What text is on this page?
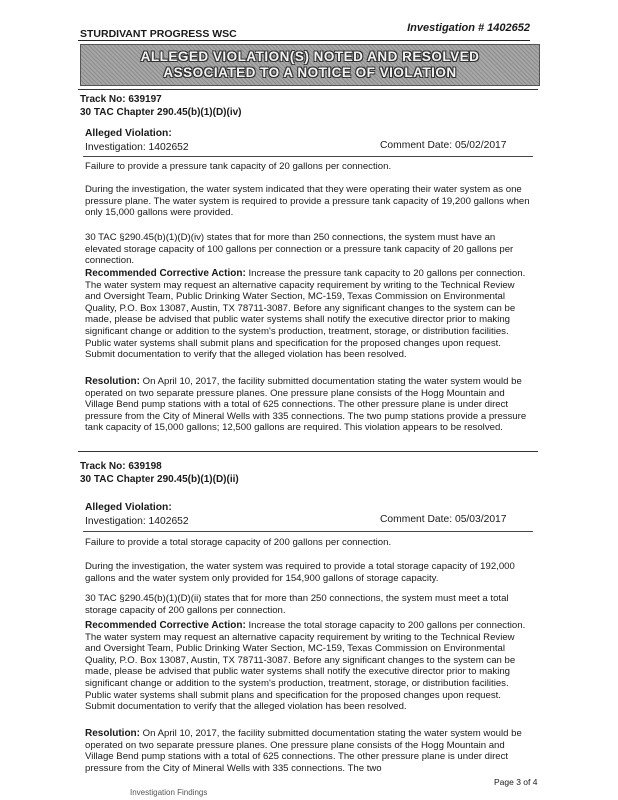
STURDIVANT PROGRESS WSC	Investigation # 1402652
ALLEGED VIOLATION(S) NOTED AND RESOLVED
ASSOCIATED TO A NOTICE OF VIOLATION
Track No: 639197
30 TAC Chapter 290.45(b)(1)(D)(iv)
Alleged Violation:
Investigation: 1402652	Comment Date: 05/02/2017
Failure to provide a pressure tank capacity of 20 gallons per connection.
During the investigation, the water system indicated that they were operating their water system as one pressure plane. The water system is required to provide a pressure tank capacity of 19,200 gallons when only 15,000 gallons were provided.
30 TAC §290.45(b)(1)(D)(iv) states that for more than 250 connections, the system must have an elevated storage capacity of 100 gallons per connection or a pressure tank capacity of 20 gallons per connection.
Recommended Corrective Action: Increase the pressure tank capacity to 20 gallons per connection. The water system may request an alternative capacity requirement by writing to the Technical Review and Oversight Team, Public Drinking Water Section, MC-159, Texas Commission on Environmental Quality, P.O. Box 13087, Austin, TX 78711-3087. Before any significant changes to the system can be made, please be advised that public water systems shall notify the executive director prior to making significant change or addition to the system's production, treatment, storage, or distribution facilities. Public water systems shall submit plans and specification for the proposed changes upon request. Submit documentation to verify that the alleged violation has been resolved.
Resolution: On April 10, 2017, the facility submitted documentation stating the water system would be operated on two separate pressure planes. One pressure plane consists of the Hogg Mountain and Village Bend pump stations with a total of 625 connections. The other pressure plane is under direct pressure from the City of Mineral Wells with 335 connections. The two pump stations provide a pressure tank capacity of 15,000 gallons; 12,500 gallons are required. This violation appears to be resolved.
Track No: 639198
30 TAC Chapter 290.45(b)(1)(D)(ii)
Alleged Violation:
Investigation: 1402652	Comment Date: 05/03/2017
Failure to provide a total storage capacity of 200 gallons per connection.
During the investigation, the water system was required to provide a total storage capacity of 192,000 gallons and the water system only provided for 154,900 gallons of storage capacity.
30 TAC §290.45(b)(1)(D)(ii) states that for more than 250 connections, the system must meet a total storage capacity of 200 gallons per connection.
Recommended Corrective Action: Increase the total storage capacity to 200 gallons per connection. The water system may request an alternative capacity requirement by writing to the Technical Review and Oversight Team, Public Drinking Water Section, MC-159, Texas Commission on Environmental Quality, P.O. Box 13087, Austin, TX 78711-3087. Before any significant changes to the system can be made, please be advised that public water systems shall notify the executive director prior to making significant change or addition to the system's production, treatment, storage, or distribution facilities. Public water systems shall submit plans and specification for the proposed changes upon request. Submit documentation to verify that the alleged violation has been resolved.
Resolution: On April 10, 2017, the facility submitted documentation stating the water system would be operated on two separate pressure planes. One pressure plane consists of the Hogg Mountain and Village Bend pump stations with a total of 625 connections. The other pressure plane is under direct pressure from the City of Mineral Wells with 335 connections. The two
Investigation Findings
Page 3 of 4
